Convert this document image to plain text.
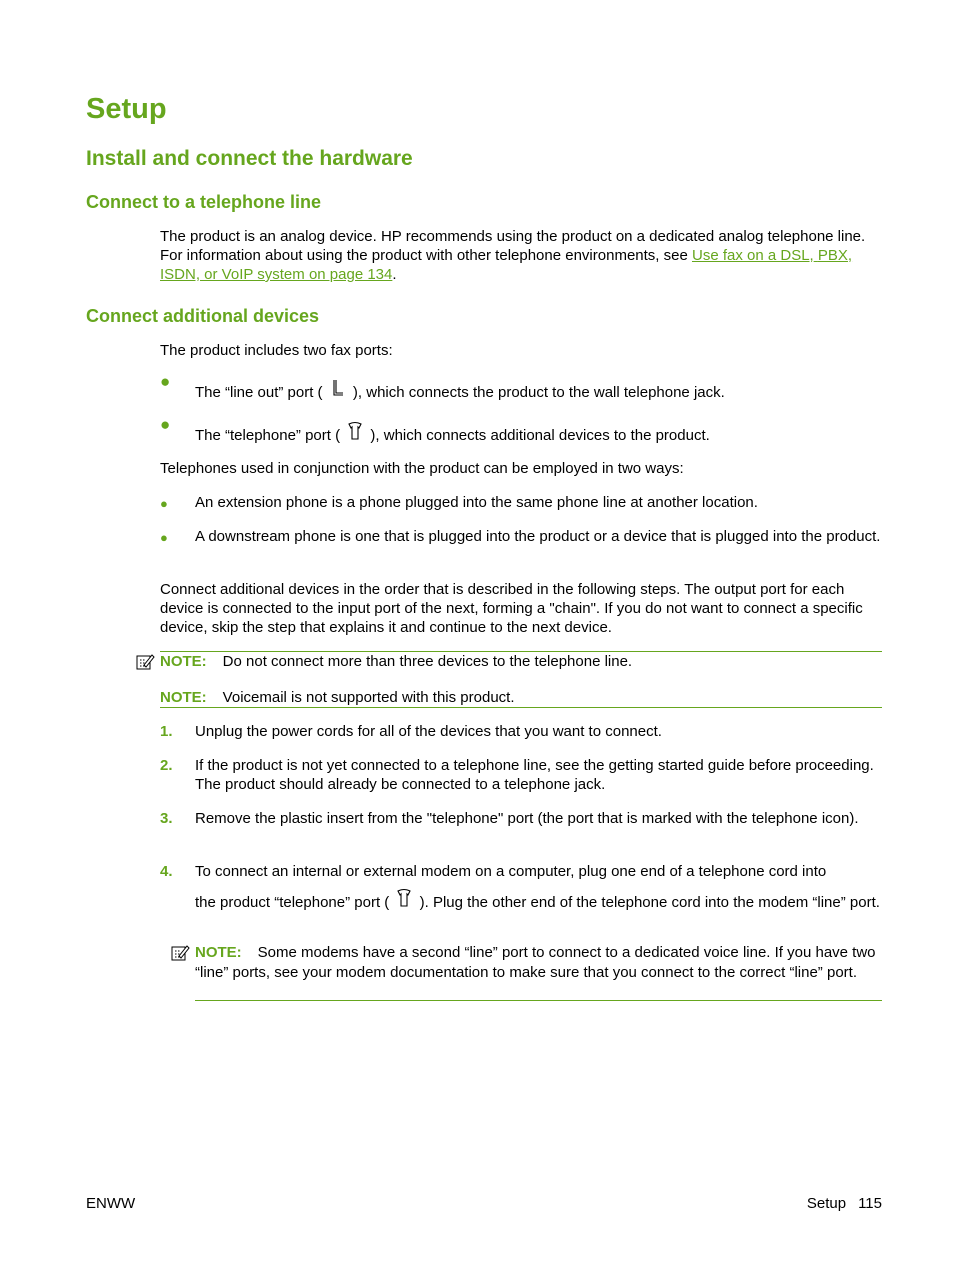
Setup
Install and connect the hardware
Connect to a telephone line
The product is an analog device. HP recommends using the product on a dedicated analog telephone line. For information about using the product with other telephone environments, see Use fax on a DSL, PBX, ISDN, or VoIP system on page 134.
Connect additional devices
The product includes two fax ports:
●
The “line out” port ( ), which connects the product to the wall telephone jack.
●
The “telephone” port ( ), which connects additional devices to the product.
Telephones used in conjunction with the product can be employed in two ways:
● An extension phone is a phone plugged into the same phone line at another location.
● A downstream phone is one that is plugged into the product or a device that is plugged into the product.
Connect additional devices in the order that is described in the following steps. The output port for each device is connected to the input port of the next, forming a "chain". If you do not want to connect a specific device, skip the step that explains it and continue to the next device.
NOTE: Do not connect more than three devices to the telephone line.
NOTE: Voicemail is not supported with this product.
1. Unplug the power cords for all of the devices that you want to connect.
2. If the product is not yet connected to a telephone line, see the getting started guide before proceeding. The product should already be connected to a telephone jack.
3. Remove the plastic insert from the "telephone" port (the port that is marked with the telephone icon).
4. To connect an internal or external modem on a computer, plug one end of a telephone cord into
the product “telephone” port ( ). Plug the other end of the telephone cord into the modem “line” port.
NOTE: Some modems have a second “line” port to connect to a dedicated voice line. If you have two “line” ports, see your modem documentation to make sure that you connect to the correct “line” port.
ENWW	Setup 115
